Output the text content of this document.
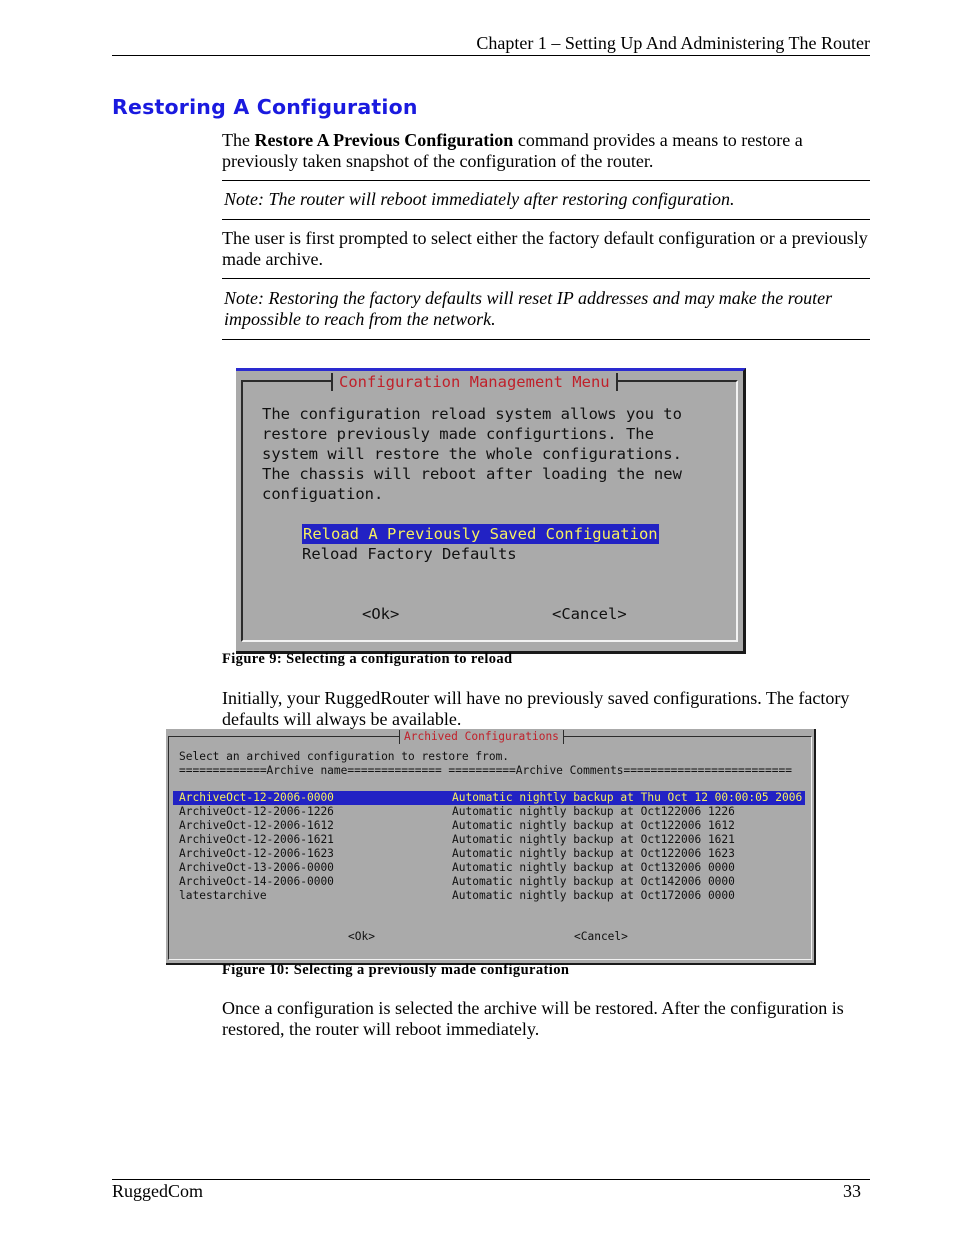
Chapter 1 – Setting Up And Administering The Router
Restoring A Configuration
The Restore A Previous Configuration command provides a means to restore a previously taken snapshot of the configuration of the router.
Note: The router will reboot immediately after restoring configuration.
The user is first prompted to select either the factory default configuration or a previously made archive.
Note: Restoring the factory defaults will reset IP addresses and may make the router impossible to reach from the network.
Configuration Management Menu
The configuration reload system allows you to
restore previously made configurtions. The
system will restore the whole configurations.
The chassis will reboot after loading the new
configuation.
Reload A Previously Saved Configuation
Reload Factory Defaults
<Ok>	<Cancel>
Figure 9: Selecting a configuration to reload
Initially, your RuggedRouter will have no previously saved configurations. The factory defaults will always be available.
Archived Configurations
Select an archived configuration to restore from.
=============Archive name============== ==========Archive Comments=========================
ArchiveOct-12-2006-0000	Automatic nightly backup at Thu Oct 12 00:00:05 2006
ArchiveOct-12-2006-1226	Automatic nightly backup at Oct122006 1226
ArchiveOct-12-2006-1612	Automatic nightly backup at Oct122006 1612
ArchiveOct-12-2006-1621	Automatic nightly backup at Oct122006 1621
ArchiveOct-12-2006-1623	Automatic nightly backup at Oct122006 1623
ArchiveOct-13-2006-0000	Automatic nightly backup at Oct132006 0000
ArchiveOct-14-2006-0000	Automatic nightly backup at Oct142006 0000
latestarchive	Automatic nightly backup at Oct172006 0000
<Ok>	<Cancel>
Figure 10: Selecting a previously made configuration
Once a configuration is selected the archive will be restored. After the configuration is restored, the router will reboot immediately.
RuggedCom	33
